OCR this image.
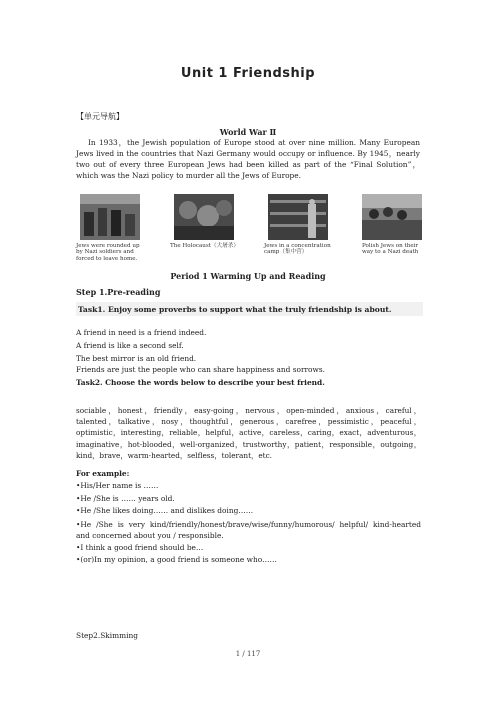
Unit 1 Friendship
【单元导航】
World War Ⅱ
In 1933，the Jewish population of Europe stood at over nine million. Many European Jews lived in the countries that Nazi Germany would occupy or influence. By 1945，nearly two out of every three European Jews had been killed as part of the “Final Solution”，which was the Nazi policy to murder all the Jews of Europe.
Jews were rounded up by Nazi soldiers and forced to leave home.
The Holocaust（大屠杀）	Jews in a concentration camp（集中营）
Polish Jews on their way to a Nazi death
Period 1 Warming Up and Reading
Step 1.Pre-reading
Task1. Enjoy some proverbs to support what the truly friendship is about.
A friend in need is a friend indeed.
A friend is like a second self.
The best mirror is an old friend.
Friends are just the people who can share happiness and sorrows.
Task2. Choose the words below to describe your best friend.
sociable，honest，friendly，easy-going，nervous，open-minded，anxious，careful，talented，talkative，nosy，thoughtful，generous，carefree，pessimistic，peaceful，optimistic，interesting，reliable，helpful，active，careless，caring，exact，adventurous，imaginative，hot-blooded，well-organized，trustworthy，patient，responsible，outgoing，kind，brave，warm-hearted，selfless，tolerant，etc.
For example:
•His/Her name is ……
•He /She is …… years old.
•He /She likes doing…… and dislikes doing……
•He /She is very kind/friendly/honest/brave/wise/funny/humorous/ helpful/ kind-hearted and concerned about you / responsible.
•I think a good friend should be…
•(or)In my opinion, a good friend is someone who……
Step2.Skimming
1 / 117
